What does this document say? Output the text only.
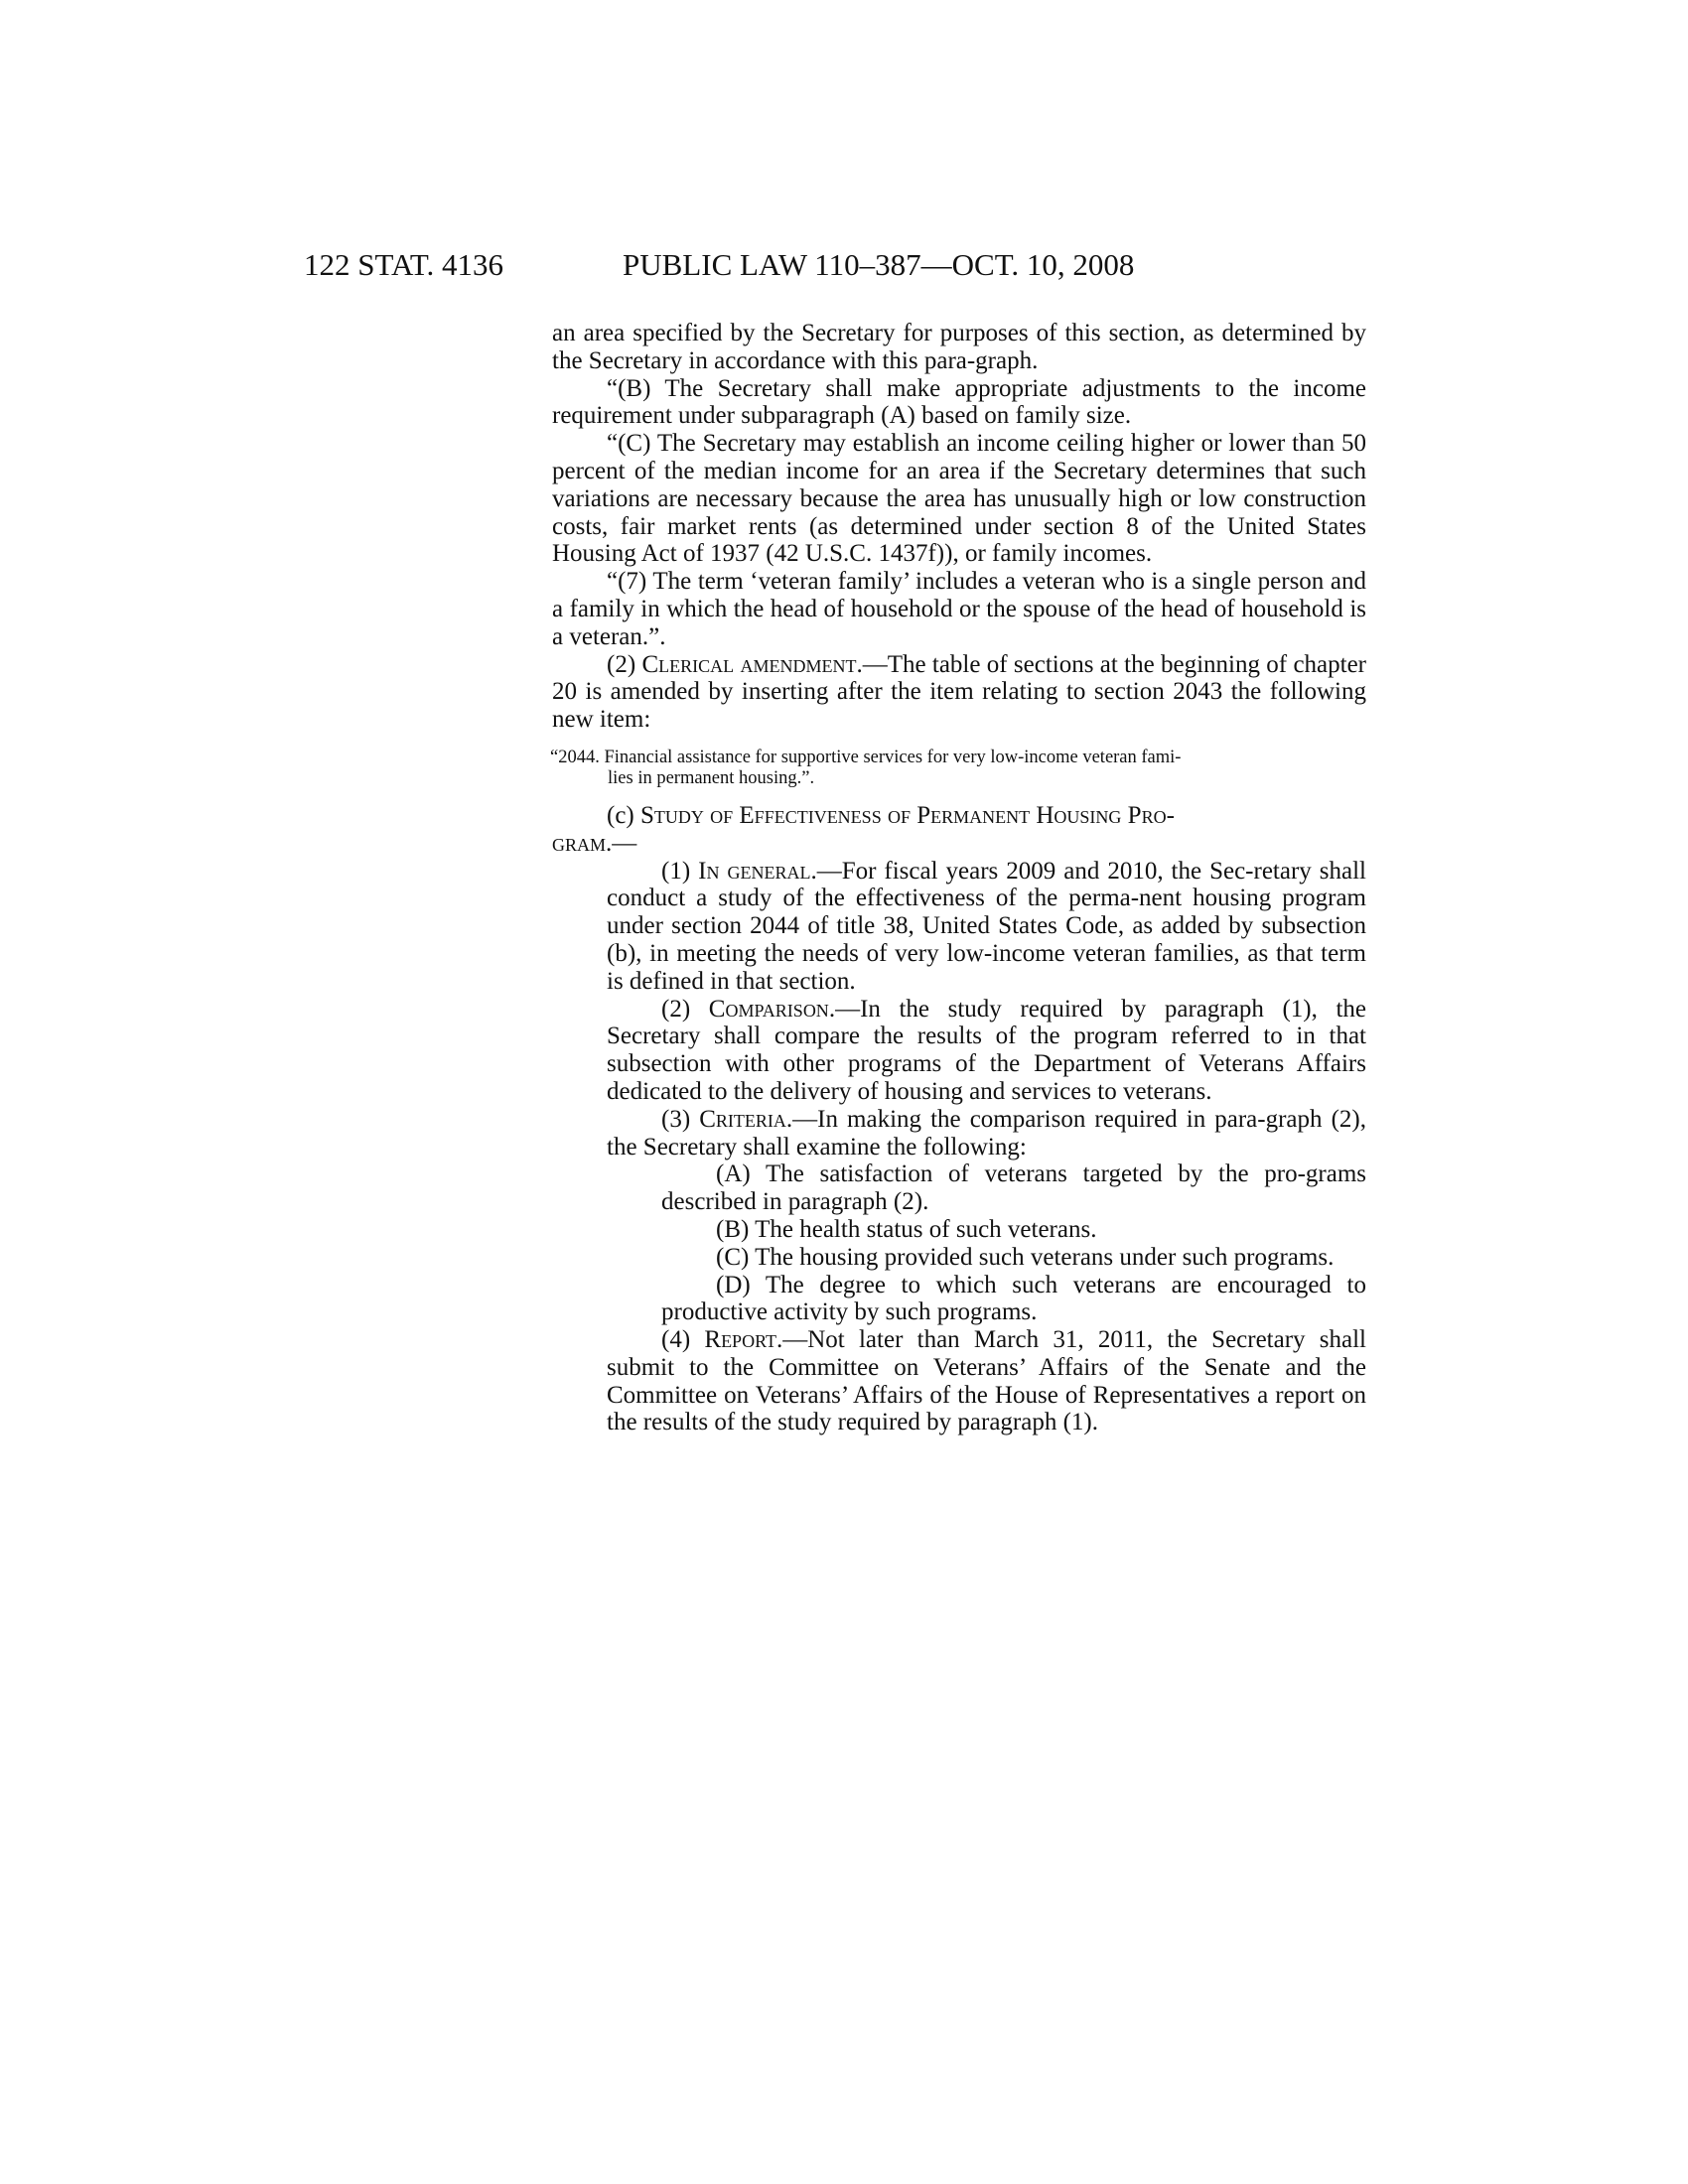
122 STAT. 4136	PUBLIC LAW 110–387—OCT. 10, 2008

an area specified by the Secretary for purposes of this section, as determined by the Secretary in accordance with this para-graph.

“(B) The Secretary shall make appropriate adjustments to the income requirement under subparagraph (A) based on family size.

“(C) The Secretary may establish an income ceiling higher or lower than 50 percent of the median income for an area if the Secretary determines that such variations are necessary because the area has unusually high or low construction costs, fair market rents (as determined under section 8 of the United States Housing Act of 1937 (42 U.S.C. 1437f)), or family incomes.

“(7) The term ‘veteran family’ includes a veteran who is a single person and a family in which the head of household or the spouse of the head of household is a veteran.”.

(2) Clerical amendment.—The table of sections at the beginning of chapter 20 is amended by inserting after the item relating to section 2043 the following new item:

“2044. Financial assistance for supportive services for very low-income veteran fami-
lies in permanent housing.”.

(c) Study of Effectiveness of Permanent Housing Pro-
gram.—

(1) In general.—For fiscal years 2009 and 2010, the Sec-retary shall conduct a study of the effectiveness of the perma-nent housing program under section 2044 of title 38, United States Code, as added by subsection (b), in meeting the needs of very low-income veteran families, as that term is defined in that section.

(2) Comparison.—In the study required by paragraph (1), the Secretary shall compare the results of the program referred to in that subsection with other programs of the Department of Veterans Affairs dedicated to the delivery of housing and services to veterans.

(3) Criteria.—In making the comparison required in para-graph (2), the Secretary shall examine the following:

(A) The satisfaction of veterans targeted by the pro-grams described in paragraph (2).

(B) The health status of such veterans.

(C) The housing provided such veterans under such programs.

(D) The degree to which such veterans are encouraged to productive activity by such programs.

(4) Report.—Not later than March 31, 2011, the Secretary shall submit to the Committee on Veterans’ Affairs of the Senate and the Committee on Veterans’ Affairs of the House of Representatives a report on the results of the study required by paragraph (1).
